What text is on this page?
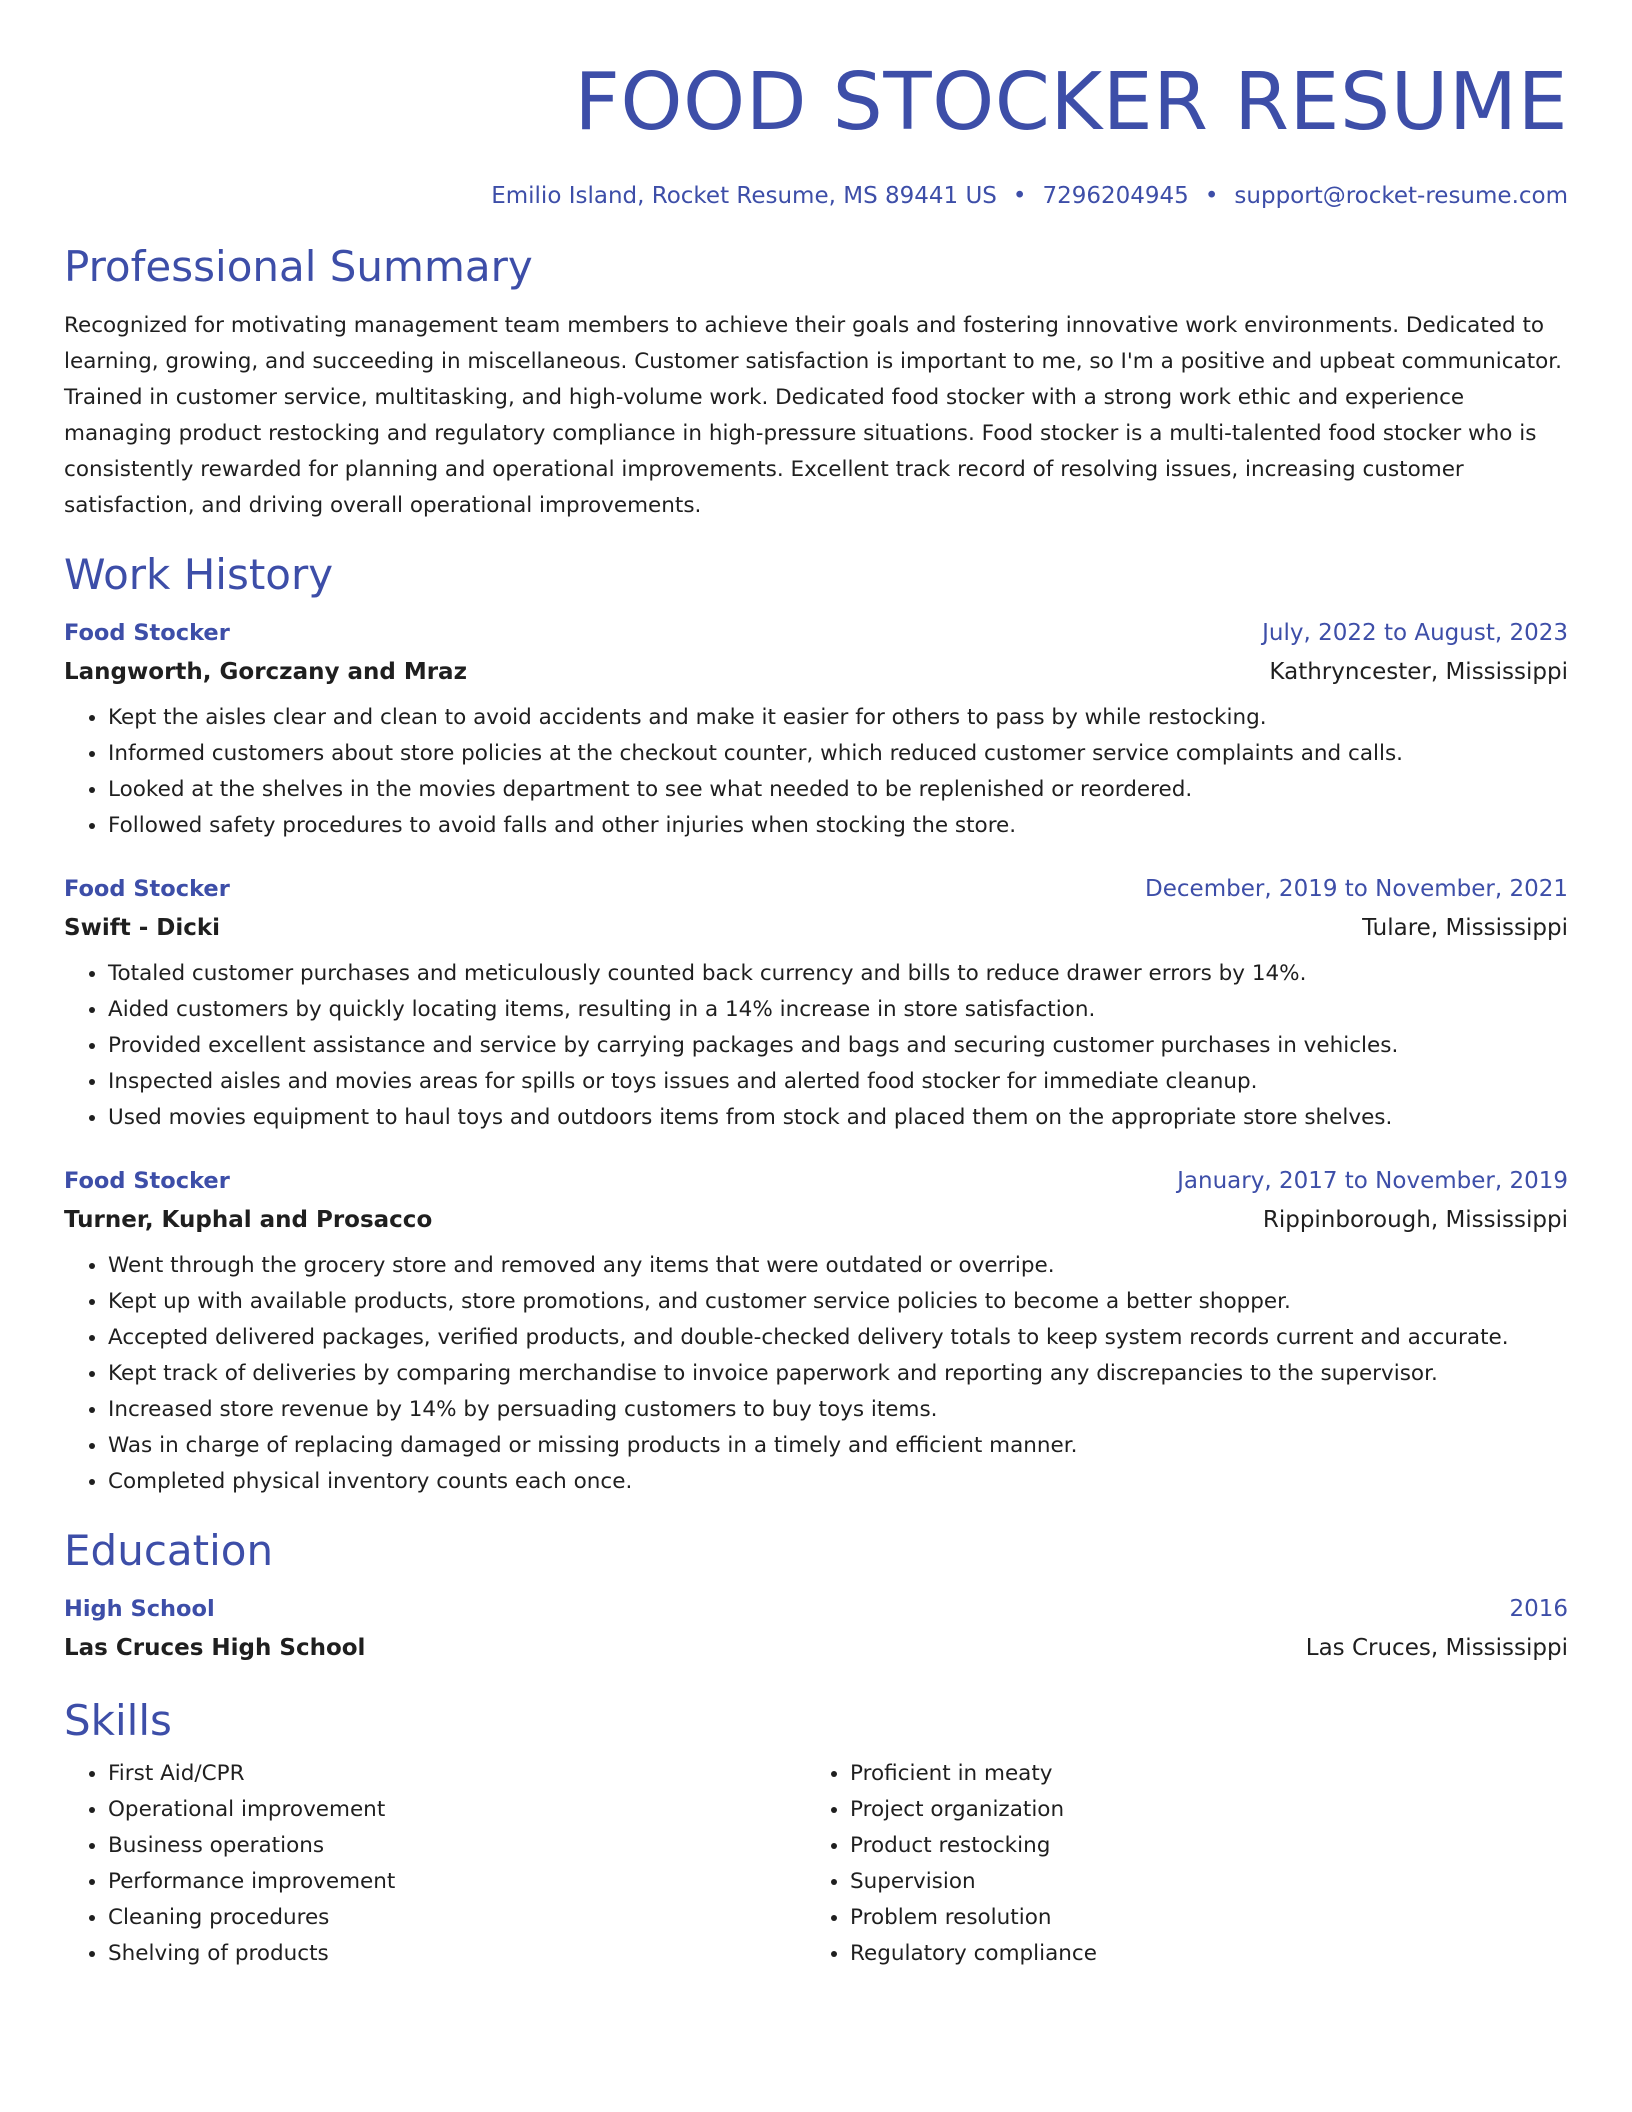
FOOD STOCKER RESUME
Emilio Island, Rocket Resume, MS 89441 US • 7296204945 • support@rocket-resume.com
Professional Summary

Recognized for motivating management team members to achieve their goals and fostering innovative work environments. Dedicated to learning, growing, and succeeding in miscellaneous. Customer satisfaction is important to me, so I'm a positive and upbeat communicator. Trained in customer service, multitasking, and high-volume work. Dedicated food stocker with a strong work ethic and experience managing product restocking and regulatory compliance in high-pressure situations. Food stocker is a multi-talented food stocker who is consistently rewarded for planning and operational improvements. Excellent track record of resolving issues, increasing customer satisfaction, and driving overall operational improvements.

Work History
Food Stocker	July, 2022 to August, 2023
Langworth, Gorczany and Mraz	Kathryncester, Mississippi
• Kept the aisles clear and clean to avoid accidents and make it easier for others to pass by while restocking.
• Informed customers about store policies at the checkout counter, which reduced customer service complaints and calls.
• Looked at the shelves in the movies department to see what needed to be replenished or reordered.
• Followed safety procedures to avoid falls and other injuries when stocking the store.
Food Stocker	December, 2019 to November, 2021
Swift - Dicki	Tulare, Mississippi
• Totaled customer purchases and meticulously counted back currency and bills to reduce drawer errors by 14%.
• Aided customers by quickly locating items, resulting in a 14% increase in store satisfaction.
• Provided excellent assistance and service by carrying packages and bags and securing customer purchases in vehicles.
• Inspected aisles and movies areas for spills or toys issues and alerted food stocker for immediate cleanup.
• Used movies equipment to haul toys and outdoors items from stock and placed them on the appropriate store shelves.
Food Stocker	January, 2017 to November, 2019
Turner, Kuphal and Prosacco	Rippinborough, Mississippi
• Went through the grocery store and removed any items that were outdated or overripe.
• Kept up with available products, store promotions, and customer service policies to become a better shopper.
• Accepted delivered packages, verified products, and double-checked delivery totals to keep system records current and accurate.
• Kept track of deliveries by comparing merchandise to invoice paperwork and reporting any discrepancies to the supervisor.
• Increased store revenue by 14% by persuading customers to buy toys items.
• Was in charge of replacing damaged or missing products in a timely and efficient manner.
• Completed physical inventory counts each once.
Education
High School	2016
Las Cruces High School	Las Cruces, Mississippi
Skills
• First Aid/CPR
• Operational improvement
• Business operations
• Performance improvement
• Cleaning procedures
• Shelving of products
• Proficient in meaty
• Project organization
• Product restocking
• Supervision
• Problem resolution
• Regulatory compliance
